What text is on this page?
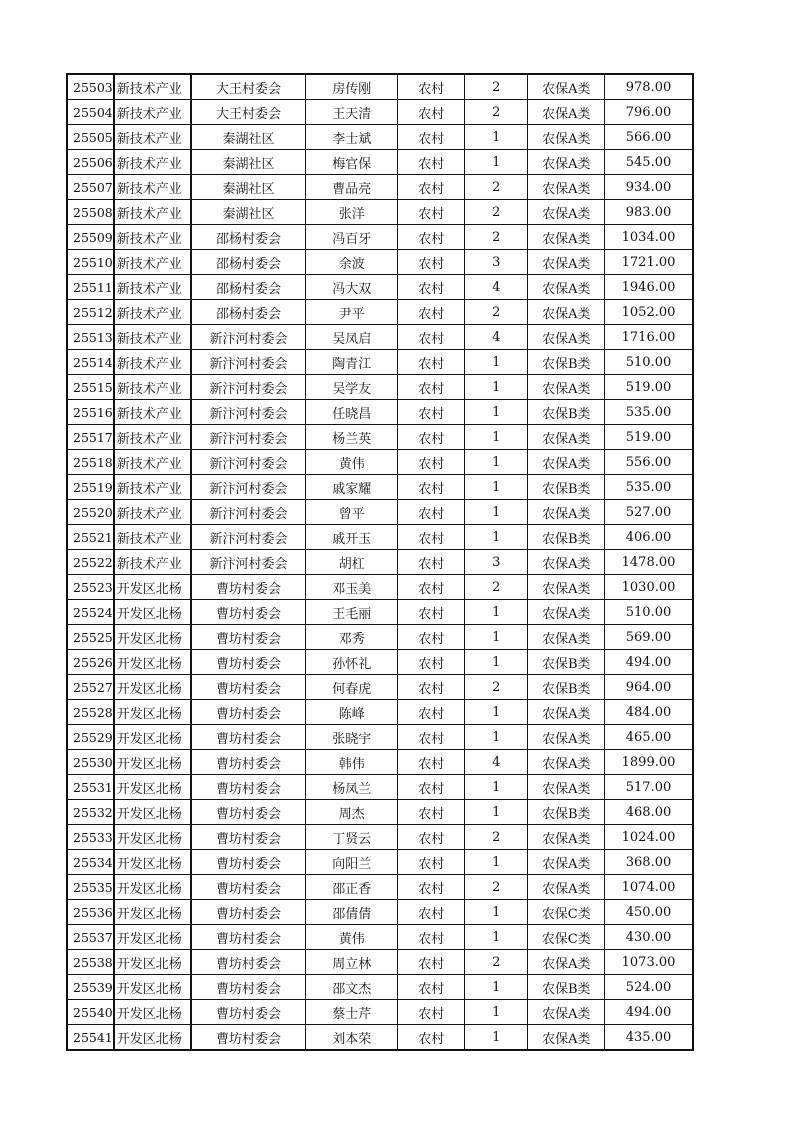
25503	新技术产业	大王村委会	房传刚	农村	2	农保A类	978.00
25504	新技术产业	大王村委会	王天清	农村	2	农保A类	796.00
25505	新技术产业	秦湖社区	李士斌	农村	1	农保A类	566.00
25506	新技术产业	秦湖社区	梅官保	农村	1	农保A类	545.00
25507	新技术产业	秦湖社区	曹品亮	农村	2	农保A类	934.00
25508	新技术产业	秦湖社区	张洋	农村	2	农保A类	983.00
25509	新技术产业	邵杨村委会	冯百牙	农村	2	农保A类	1034.00
25510	新技术产业	邵杨村委会	余波	农村	3	农保A类	1721.00
25511	新技术产业	邵杨村委会	冯大双	农村	4	农保A类	1946.00
25512	新技术产业	邵杨村委会	尹平	农村	2	农保A类	1052.00
25513	新技术产业	新汴河村委会	吴凤启	农村	4	农保A类	1716.00
25514	新技术产业	新汴河村委会	陶青江	农村	1	农保B类	510.00
25515	新技术产业	新汴河村委会	吴学友	农村	1	农保A类	519.00
25516	新技术产业	新汴河村委会	任晓昌	农村	1	农保B类	535.00
25517	新技术产业	新汴河村委会	杨兰英	农村	1	农保A类	519.00
25518	新技术产业	新汴河村委会	黄伟	农村	1	农保A类	556.00
25519	新技术产业	新汴河村委会	戚家耀	农村	1	农保B类	535.00
25520	新技术产业	新汴河村委会	曾平	农村	1	农保A类	527.00
25521	新技术产业	新汴河村委会	戚开玉	农村	1	农保B类	406.00
25522	新技术产业	新汴河村委会	胡杠	农村	3	农保A类	1478.00
25523	开发区北杨	曹坊村委会	邓玉美	农村	2	农保A类	1030.00
25524	开发区北杨	曹坊村委会	王毛丽	农村	1	农保A类	510.00
25525	开发区北杨	曹坊村委会	邓秀	农村	1	农保A类	569.00
25526	开发区北杨	曹坊村委会	孙怀礼	农村	1	农保B类	494.00
25527	开发区北杨	曹坊村委会	何春虎	农村	2	农保B类	964.00
25528	开发区北杨	曹坊村委会	陈峰	农村	1	农保A类	484.00
25529	开发区北杨	曹坊村委会	张晓宇	农村	1	农保A类	465.00
25530	开发区北杨	曹坊村委会	韩伟	农村	4	农保A类	1899.00
25531	开发区北杨	曹坊村委会	杨凤兰	农村	1	农保A类	517.00
25532	开发区北杨	曹坊村委会	周杰	农村	1	农保B类	468.00
25533	开发区北杨	曹坊村委会	丁贤云	农村	2	农保A类	1024.00
25534	开发区北杨	曹坊村委会	向阳兰	农村	1	农保A类	368.00
25535	开发区北杨	曹坊村委会	邵正香	农村	2	农保A类	1074.00
25536	开发区北杨	曹坊村委会	邵倩倩	农村	1	农保C类	450.00
25537	开发区北杨	曹坊村委会	黄伟	农村	1	农保C类	430.00
25538	开发区北杨	曹坊村委会	周立林	农村	2	农保A类	1073.00
25539	开发区北杨	曹坊村委会	邵文杰	农村	1	农保B类	524.00
25540	开发区北杨	曹坊村委会	蔡士芹	农村	1	农保A类	494.00
25541	开发区北杨	曹坊村委会	刘本荣	农村	1	农保A类	435.00
